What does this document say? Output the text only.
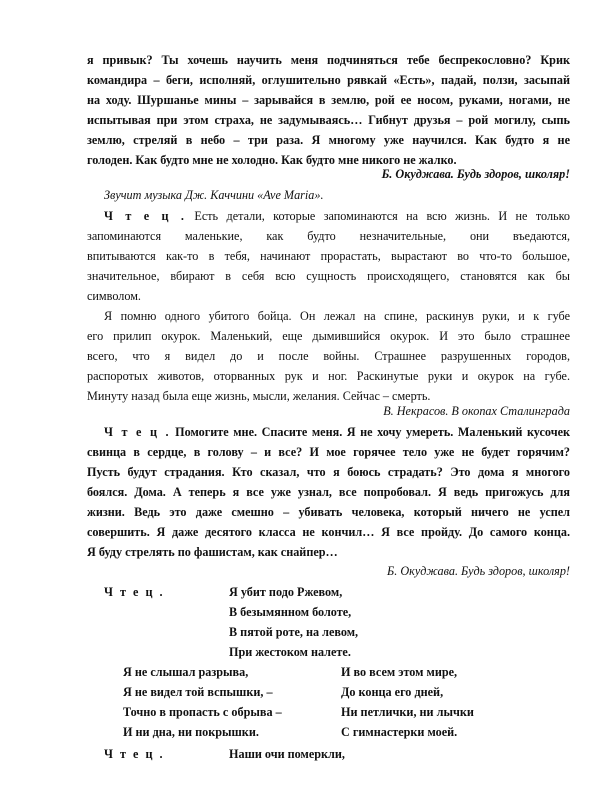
я привык? Ты хочешь научить меня подчиняться тебе беспрекословно? Крик
командира – беги, исполняй, оглушительно рявкай «Есть», падай, ползи, засыпай
на ходу. Шуршанье мины – зарывайся в землю, рой ее носом, руками, ногами, не
испытывая при этом страха, не задумываясь… Гибнут друзья – рой могилу, сыпь
землю, стреляй в небо – три раза. Я многому уже научился. Как будто я не
голоден. Как будто мне не холодно. Как будто мне никого не жалко.
Б. Окуджава. Будь здоров, школяр!
Звучит музыка Дж. Каччини «Ave Maria».
Ч т е ц . Есть детали, которые запоминаются на всю жизнь. И не только
запоминаются маленькие, как будто незначительные, они въедаются,
впитываются как-то в тебя, начинают прорастать, вырастают во что-то большое,
значительное, вбирают в себя всю сущность происходящего, становятся как бы
символом.
Я помню одного убитого бойца. Он лежал на спине, раскинув руки, и к губе
его прилип окурок. Маленький, еще дымившийся окурок. И это было страшнее
всего, что я видел до и после войны. Страшнее разрушенных городов,
распоротых животов, оторванных рук и ног. Раскинутые руки и окурок на губе.
Минуту назад была еще жизнь, мысли, желания. Сейчас – смерть.
В. Некрасов. В окопах Сталинграда
Ч т е ц . Помогите мне. Спасите меня. Я не хочу умереть. Маленький кусочек
свинца в сердце, в голову – и все? И мое горячее тело уже не будет горячим?
Пусть будут страдания. Кто сказал, что я боюсь страдать? Это дома я многого
боялся. Дома. А теперь я все уже узнал, все попробовал. Я ведь пригожусь для
жизни. Ведь это даже смешно – убивать человека, который ничего не успел
совершить. Я даже десятого класса не кончил… Я все пройду. До самого конца.
Я буду стрелять по фашистам, как снайпер…
Б. Окуджава. Будь здоров, школяр!
Ч т е ц .	Я убит подо Ржевом,
В безымянном болоте,
В пятой роте, на левом,
При жестоком налете.
Я не слышал разрыва,
Я не видел той вспышки, –
Точно в пропасть с обрыва –
И ни дна, ни покрышки.
И во всем этом мире,
До конца его дней,
Ни петлички, ни лычки
С гимнастерки моей.
Ч т е ц .	Наши очи померкли,
